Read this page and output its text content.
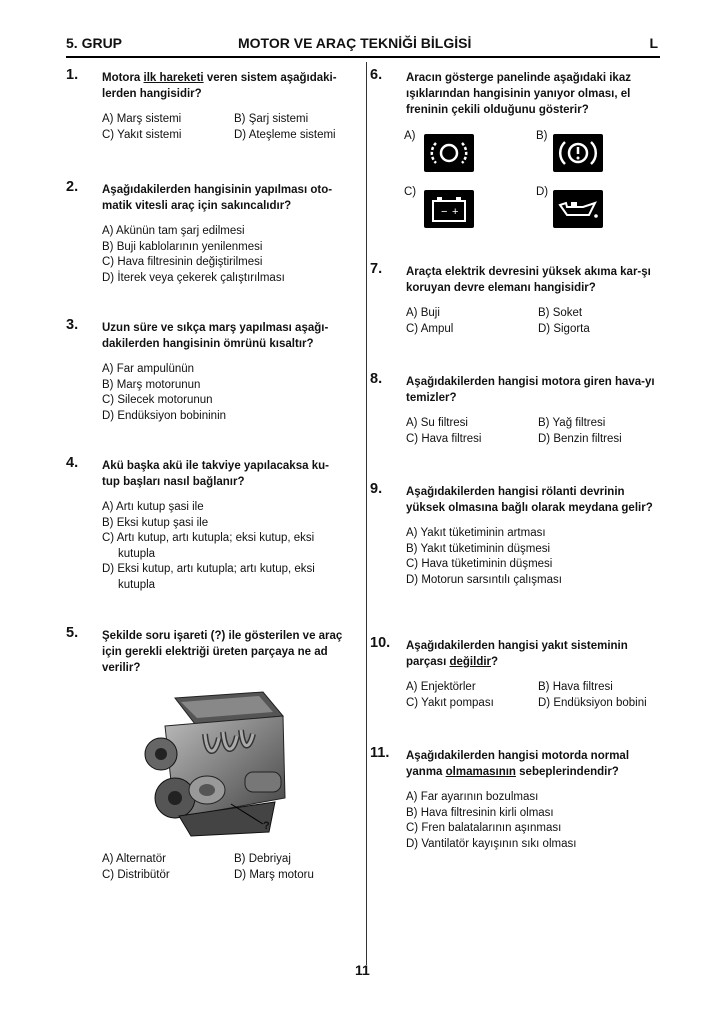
5. GRUP	MOTOR VE ARAÇ TEKNİĞİ BİLGİSİ	L
1. Motora ilk hareketi veren sistem aşağıdaki-lerden hangisidir?
A) Marş sistemi	B) Şarj sistemi
C) Yakıt sistemi	D) Ateşleme sistemi
2. Aşağıdakilerden hangisinin yapılması oto-matik vitesli araç için sakıncalıdır?
A) Akünün tam şarj edilmesi
B) Buji kablolarının yenilenmesi
C) Hava filtresinin değiştirilmesi
D) İterek veya çekerek çalıştırılması
3. Uzun süre ve sıkça marş yapılması aşağı-dakilerden hangisinin ömrünü kısaltır?
A) Far ampulünün
B) Marş motorunun
C) Silecek motorunun
D) Endüksiyon bobininin
4. Akü başka akü ile takviye yapılacaksa ku-tup başları nasıl bağlanır?
A) Artı kutup şasi ile
B) Eksi kutup şasi ile
C) Artı kutup, artı kutupla; eksi kutup, eksi
kutupla
D) Eksi kutup, artı kutupla; artı kutup, eksi
kutupla
5. Şekilde soru işareti (?) ile gösterilen ve araç için gerekli elektriği üreten parçaya ne ad verilir?
?
A) Alternatör	B) Debriyaj
C) Distribütör	D) Marş motoru
6. Aracın gösterge panelinde aşağıdaki ikaz ışıklarından hangisinin yanıyor olması, el freninin çekili olduğunu gösterir?
A)	B)
C)
− +
D)
7. Araçta elektrik devresini yüksek akıma kar-şı koruyan devre elemanı hangisidir?
A) Buji	B) Soket
C) Ampul	D) Sigorta
8. Aşağıdakilerden hangisi motora giren hava-yı temizler?
A) Su filtresi	B) Yağ filtresi
C) Hava filtresi	D) Benzin filtresi
9. Aşağıdakilerden hangisi rölanti devrinin yüksek olmasına bağlı olarak meydana gelir?
A) Yakıt tüketiminin artması
B) Yakıt tüketiminin düşmesi
C) Hava tüketiminin düşmesi
D) Motorun sarsıntılı çalışması
10. Aşağıdakilerden hangisi yakıt sisteminin parçası değildir?
A) Enjektörler	B) Hava filtresi
C) Yakıt pompası	D) Endüksiyon bobini
11. Aşağıdakilerden hangisi motorda normal yanma olmamasının sebeplerindendir?
A) Far ayarının bozulması
B) Hava filtresinin kirli olması
C) Fren balatalarının aşınması
D) Vantilatör kayışının sıkı olması
11
